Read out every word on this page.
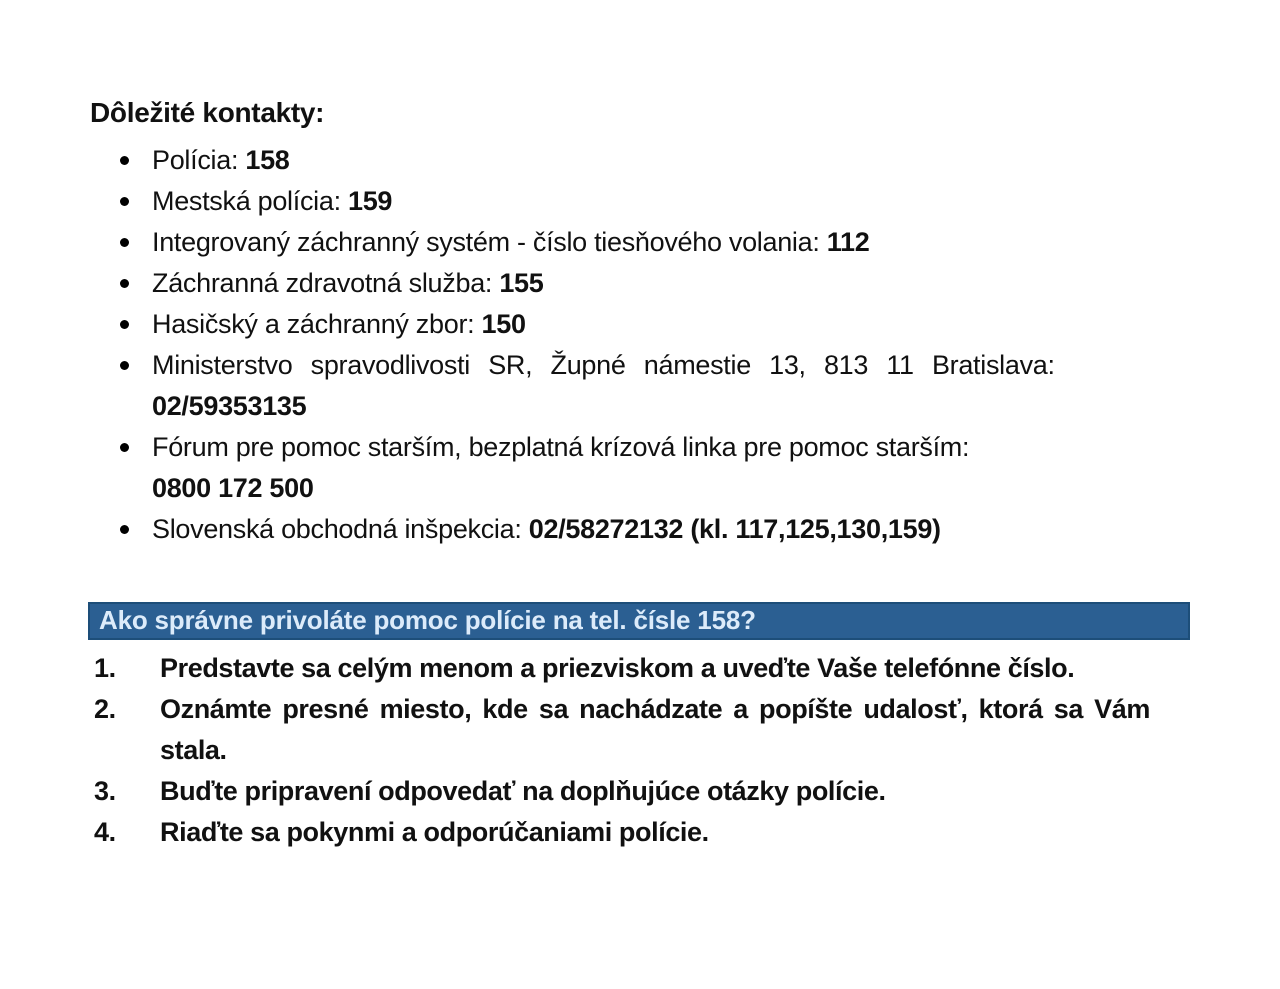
Dôležité kontakty:
Polícia: 158
Mestská polícia: 159
Integrovaný záchranný systém - číslo tiesňového volania: 112
Záchranná zdravotná služba: 155
Hasičský a záchranný zbor: 150
Ministerstvo spravodlivosti SR, Župné námestie 13, 813 11 Bratislava:
02/59353135
Fórum pre pomoc starším, bezplatná krízová linka pre pomoc starším:
0800 172 500
Slovenská obchodná inšpekcia: 02/58272132 (kl. 117,125,130,159)
Ako správne privoláte pomoc polície na tel. čísle 158?
1. Predstavte sa celým menom a priezviskom a uveďte Vaše telefónne číslo.
2. Oznámte presné miesto, kde sa nachádzate a popíšte udalosť, ktorá sa Vám
stala.
3. Buďte pripravení odpovedať na doplňujúce otázky polície.
4. Riaďte sa pokynmi a odporúčaniami polície.
